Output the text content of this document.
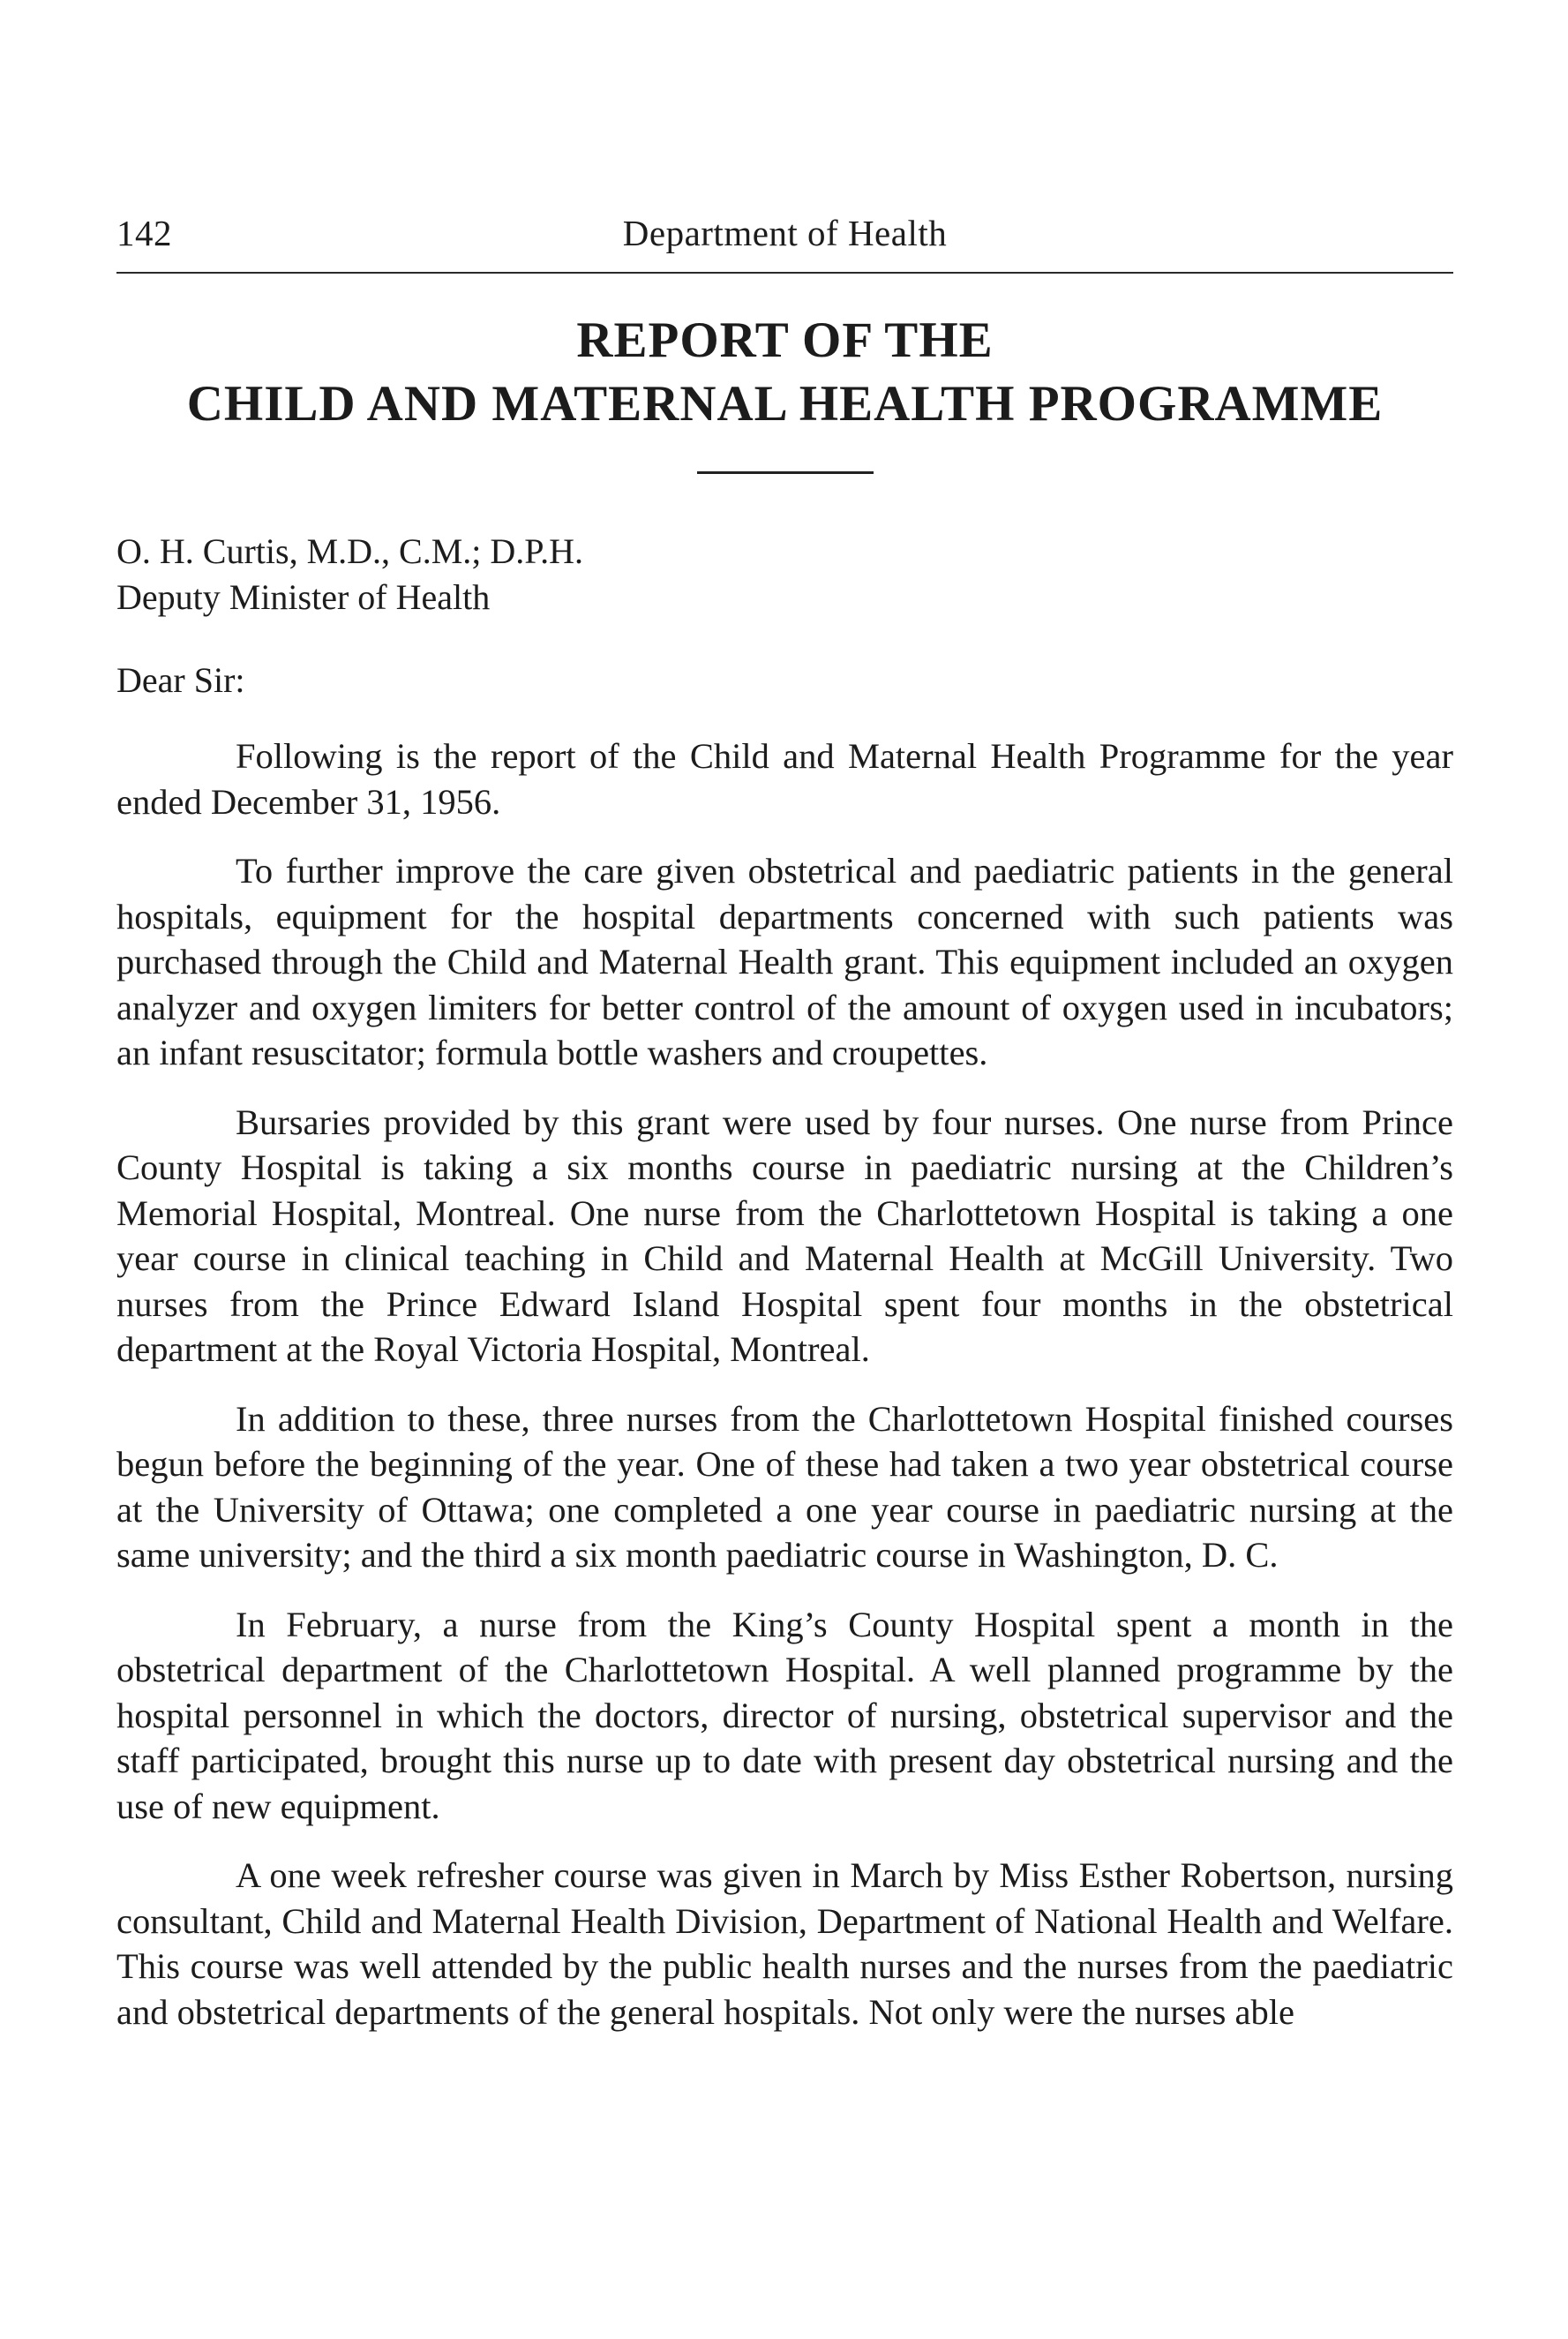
142	Department of Health
REPORT OF THE
CHILD AND MATERNAL HEALTH PROGRAMME
O. H. Curtis, M.D., C.M.; D.P.H.
Deputy Minister of Health
Dear Sir:

Following is the report of the Child and Maternal Health Programme for the year ended December 31, 1956.

To further improve the care given obstetrical and paediatric patients in the general hospitals, equipment for the hospital departments concerned with such patients was purchased through the Child and Maternal Health grant. This equipment included an oxygen analyzer and oxygen limiters for better control of the amount of oxygen used in incubators; an infant resuscitator; formula bottle washers and croupettes.

Bursaries provided by this grant were used by four nurses. One nurse from Prince County Hospital is taking a six months course in paediatric nursing at the Children’s Memorial Hospital, Montreal. One nurse from the Charlottetown Hospital is taking a one year course in clinical teaching in Child and Maternal Health at McGill University. Two nurses from the Prince Edward Island Hospital spent four months in the obstetrical department at the Royal Victoria Hospital, Montreal.

In addition to these, three nurses from the Charlottetown Hospital finished courses begun before the beginning of the year. One of these had taken a two year obstetrical course at the University of Ottawa; one completed a one year course in paediatric nursing at the same university; and the third a six month paediatric course in Washington, D. C.

In February, a nurse from the King’s County Hospital spent a month in the obstetrical department of the Charlottetown Hospital. A well planned programme by the hospital personnel in which the doctors, director of nursing, obstetrical supervisor and the staff participated, brought this nurse up to date with present day obstetrical nursing and the use of new equipment.

A one week refresher course was given in March by Miss Esther Robertson, nursing consultant, Child and Maternal Health Division, Department of National Health and Welfare. This course was well attended by the public health nurses and the nurses from the paediatric and obstetrical departments of the general hospitals. Not only were the nurses able
